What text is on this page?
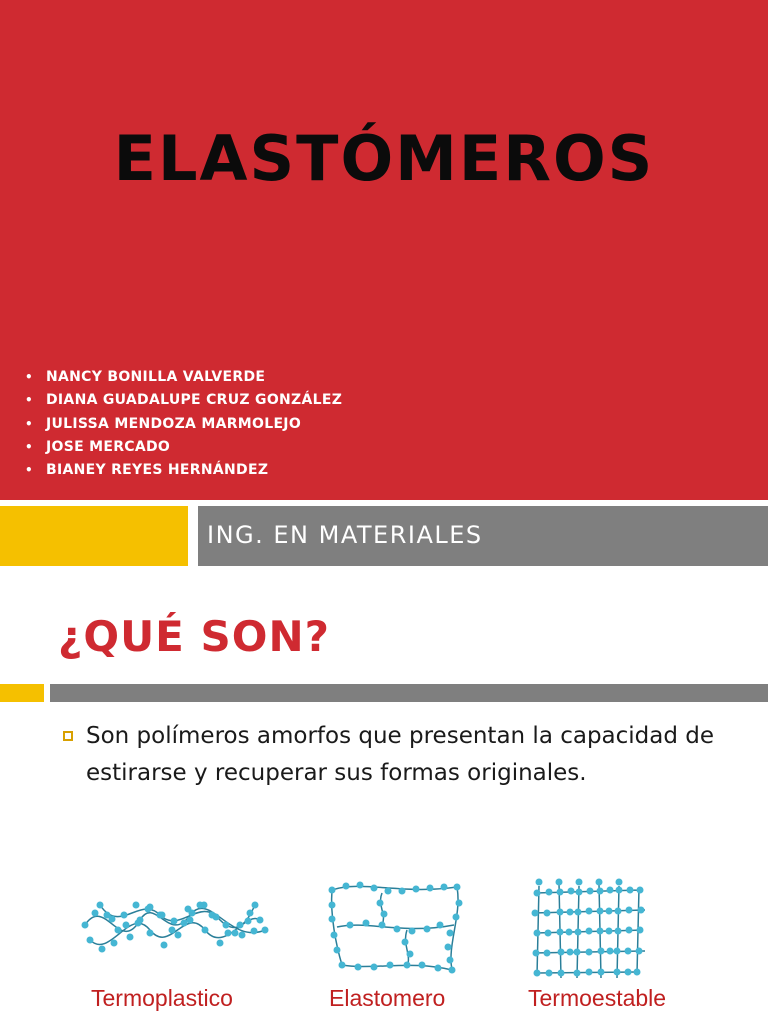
ELASTÓMEROS
• NANCY BONILLA VALVERDE
• DIANA GUADALUPE CRUZ GONZÁLEZ
• JULISSA MENDOZA MARMOLEJO
• JOSE MERCADO
• BIANEY REYES HERNÁNDEZ
ING. EN MATERIALES
¿QUÉ SON?
Son polímeros amorfos que presentan la capacidad de estirarse y recuperar sus formas originales.
Termoplastico	Elastomero	Termoestable
